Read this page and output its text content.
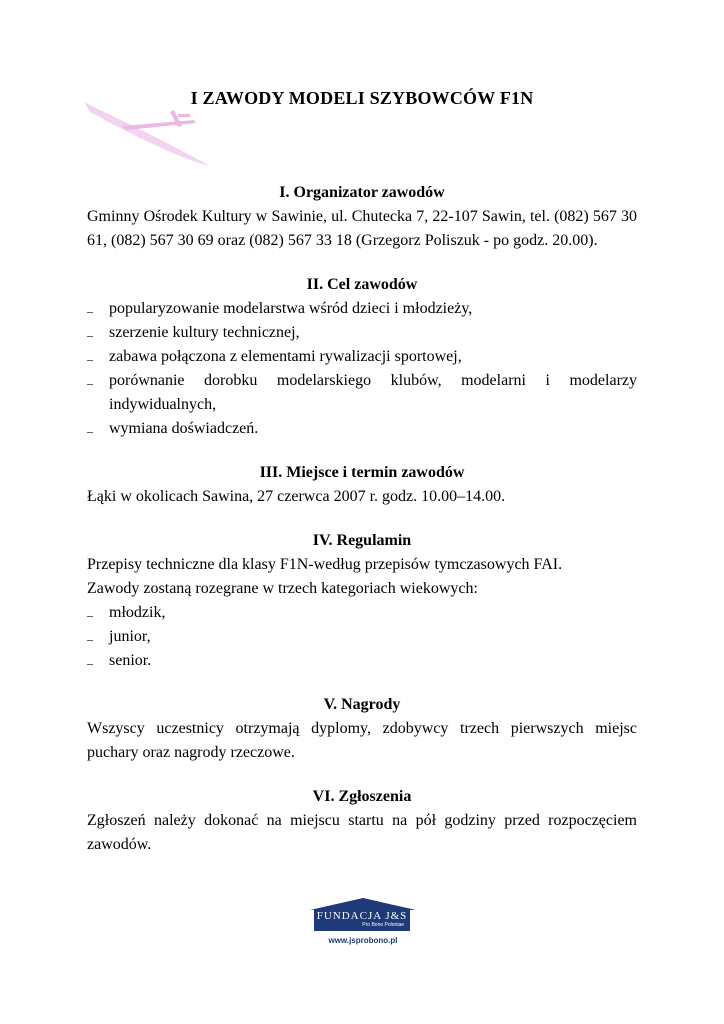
I ZAWODY MODELI SZYBOWCÓW F1N
I. Organizator zawodów
Gminny Ośrodek Kultury w Sawinie, ul. Chutecka 7, 22-107 Sawin, tel. (082) 567 30 61, (082) 567 30 69 oraz (082) 567 33 18 (Grzegorz Poliszuk - po godz. 20.00).
II. Cel zawodów
– popularyzowanie modelarstwa wśród dzieci i młodzieży,
– szerzenie kultury technicznej,
– zabawa połączona z elementami rywalizacji sportowej,
– porównanie dorobku modelarskiego klubów, modelarni i modelarzy indywidualnych,
– wymiana doświadczeń.
III. Miejsce i termin zawodów
Łąki w okolicach Sawina, 27 czerwca 2007 r. godz. 10.00–14.00.
IV. Regulamin
Przepisy techniczne dla klasy F1N-według przepisów tymczasowych FAI.
Zawody zostaną rozegrane w trzech kategoriach wiekowych:
– młodzik,
– junior,
– senior.
V. Nagrody
Wszyscy uczestnicy otrzymają dyplomy, zdobywcy trzech pierwszych miejsc puchary oraz nagrody rzeczowe.
VI. Zgłoszenia
Zgłoszeń należy dokonać na miejscu startu na pół godziny przed rozpoczęciem zawodów.
FUNDACJA J&S
Pro Bono Poloniae
www.jsprobono.pl
